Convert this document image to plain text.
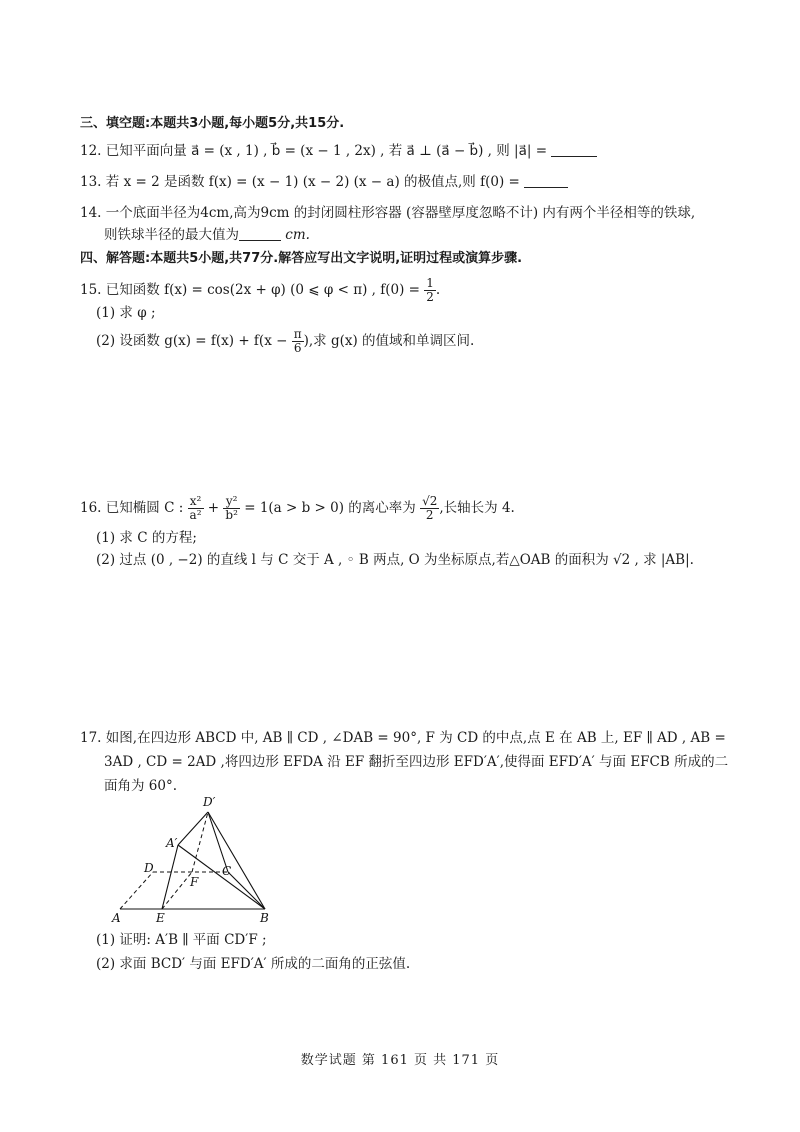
三、填空题:本题共3小题,每小题5分,共15分.
12. 已知平面向量 a⃗ = (x , 1) , b⃗ = (x − 1 , 2x) , 若 a⃗ ⊥ (a⃗ − b⃗) , 则 |a⃗| =
13. 若 x = 2 是函数 f(x) = (x − 1) (x − 2) (x − a) 的极值点,则 f(0) =
14. 一个底面半径为4cm,高为9cm 的封闭圆柱形容器 (容器壁厚度忽略不计) 内有两个半径相等的铁球,
则铁球半径的最大值为	cm.
四、解答题:本题共5小题,共77分.解答应写出文字说明,证明过程或演算步骤.
15. 已知函数 f(x) = cos(2x + φ) (0 ⩽ φ < π) , $f(0) = \frac{1}{2}$ .
(1) 求 φ ;
(2) 设函数 $g(x) = f(x) + f(x - \frac{\pi}{6}$ ),求 g(x) 的值域和单调区间.
16. 已知椭圆 C : $\frac{\text{x²}}{\text{a²}} + \frac{\text{y²}}{\text{b²}} = 1(a > b > 0)$ 的离心率为 $\frac{√2}{2}$ ,长轴长为 4.
(1) 求 C 的方程;
(2) 过点 (0 , −2) 的直线 l 与 C 交于 A , ◦ B 两点, O 为坐标原点,若△OAB 的面积为 √2 , 求 |AB|.
17. 如图,在四边形 ABCD 中, AB ∥ CD , ∠DAB = 90°, F 为 CD 的中点,点 E 在 AB 上, EF ∥ AD , AB =
3AD , CD = 2AD ,将四边形 EFDA 沿 EF 翻折至四边形 EFD′A′,使得面 EFD′A′ 与面 EFCB 所成的二
面角为 60°.
D′
A′
D	C
F
A	E	B
(1) 证明: A′B ∥ 平面 CD′F ;
(2) 求面 BCD′ 与面 EFD′A′ 所成的二面角的正弦值.
数学试题 第 161 页 共 171 页
